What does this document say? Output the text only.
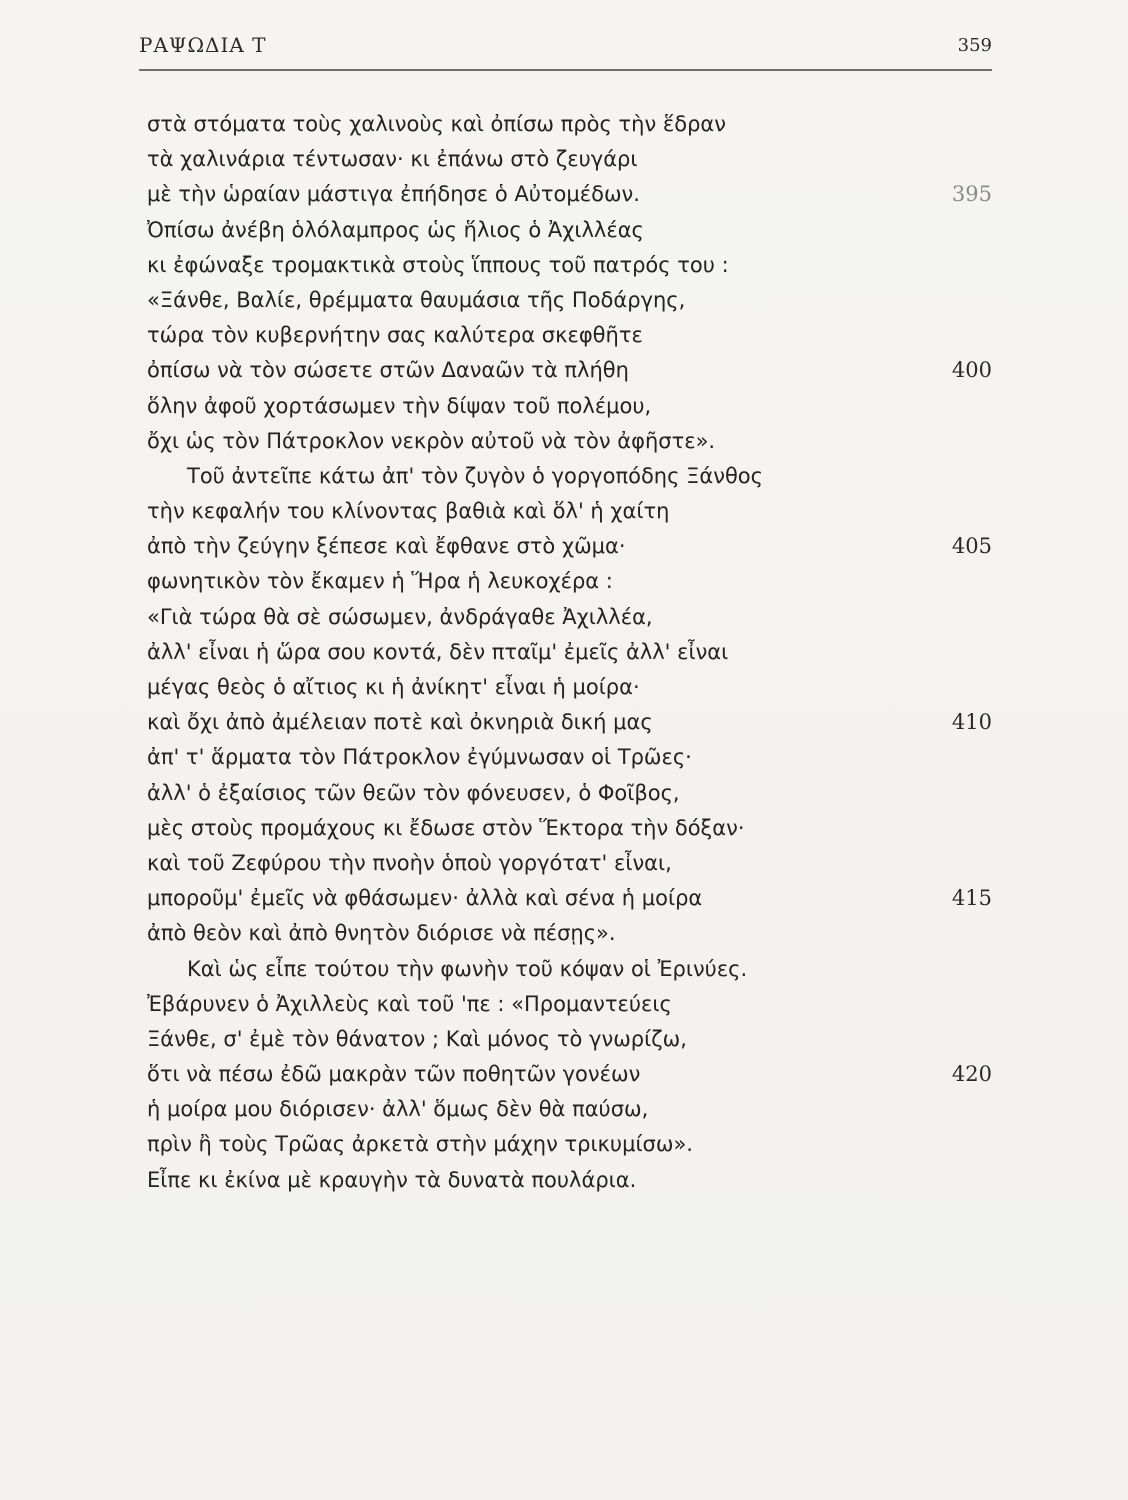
ΡΑΨΩΔΙΑ Τ	359
στὰ στόματα τοὺς χαλινοὺς καὶ ὀπίσω πρὸς τὴν ἕδραν
τὰ χαλινάρια τέντωσαν· κι ἐπάνω στὸ ζευγάρι
μὲ τὴν ὡραίαν μάστιγα ἐπήδησε ὁ Αὐτομέδων.	395
Ὀπίσω ἀνέβη ὁλόλαμπρος ὡς ἥλιος ὁ Ἀχιλλέας
κι ἐφώναξε τρομακτικὰ στοὺς ἵππους τοῦ πατρός του :
«Ξάνθε, Βαλίε, θρέμματα θαυμάσια τῆς Ποδάργης,
τώρα τὸν κυβερνήτην σας καλύτερα σκεφθῆτε
ὀπίσω νὰ τὸν σώσετε στῶν Δαναῶν τὰ πλήθη	400
ὅλην ἀφοῦ χορτάσωμεν τὴν δίψαν τοῦ πολέμου,
ὄχι ὡς τὸν Πάτροκλον νεκρὸν αὐτοῦ νὰ τὸν ἀφῆστε».
Τοῦ ἀντεῖπε κάτω ἀπ' τὸν ζυγὸν ὁ γοργοπόδης Ξάνθος
τὴν κεφαλήν του κλίνοντας βαθιὰ καὶ ὅλ' ἡ χαίτη
ἀπὸ τὴν ζεύγην ξέπεσε καὶ ἔφθανε στὸ χῶμα·	405
φωνητικὸν τὸν ἔκαμεν ἡ Ἥρα ἡ λευκοχέρα :
«Γιὰ τώρα θὰ σὲ σώσωμεν, ἀνδράγαθε Ἀχιλλέα,
ἀλλ' εἶναι ἡ ὥρα σου κοντά, δὲν πταῖμ' ἐμεῖς ἀλλ' εἶναι
μέγας θεὸς ὁ αἴτιος κι ἡ ἀνίκητ' εἶναι ἡ μοίρα·
καὶ ὄχι ἀπὸ ἀμέλειαν ποτὲ καὶ ὀκνηριὰ δική μας	410
ἀπ' τ' ἅρματα τὸν Πάτροκλον ἐγύμνωσαν οἱ Τρῶες·
ἀλλ' ὁ ἐξαίσιος τῶν θεῶν τὸν φόνευσεν, ὁ Φοῖβος,
μὲς στοὺς προμάχους κι ἔδωσε στὸν Ἕκτορα τὴν δόξαν·
καὶ τοῦ Ζεφύρου τὴν πνοὴν ὁποὺ γοργότατ' εἶναι,
μποροῦμ' ἐμεῖς νὰ φθάσωμεν· ἀλλὰ καὶ σένα ἡ μοίρα	415
ἀπὸ θεὸν καὶ ἀπὸ θνητὸν διόρισε νὰ πέσῃς».
Καὶ ὡς εἶπε τούτου τὴν φωνὴν τοῦ κόψαν οἱ Ἐρινύες.
Ἐβάρυνεν ὁ Ἀχιλλεὺς καὶ τοῦ 'πε : «Προμαντεύεις
Ξάνθε, σ' ἐμὲ τὸν θάνατον ; Καὶ μόνος τὸ γνωρίζω,
ὅτι νὰ πέσω ἐδῶ μακρὰν τῶν ποθητῶν γονέων	420
ἡ μοίρα μου διόρισεν· ἀλλ' ὅμως δὲν θὰ παύσω,
πρὶν ἢ τοὺς Τρῶας ἀρκετὰ στὴν μάχην τρικυμίσω».
Εἶπε κι ἐκίνα μὲ κραυγὴν τὰ δυνατὰ πουλάρια.
